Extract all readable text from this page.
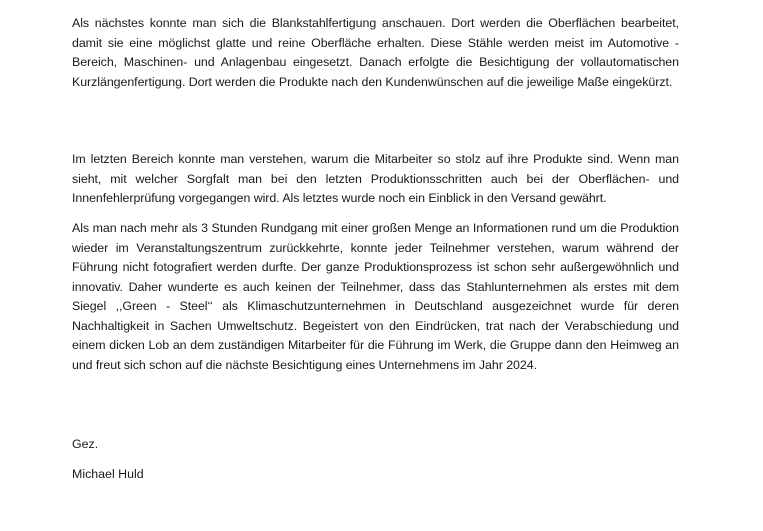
Als nächstes konnte man sich die Blankstahlfertigung anschauen. Dort werden die Oberflächen bearbeitet, damit sie eine möglichst glatte und reine Oberfläche erhalten. Diese Stähle werden meist im Automotive - Bereich, Maschinen- und Anlagenbau eingesetzt. Danach erfolgte die Besichtigung der vollautomatischen Kurzlängenfertigung. Dort werden die Produkte nach den Kundenwünschen auf die jeweilige Maße eingekürzt.

Im letzten Bereich konnte man verstehen, warum die Mitarbeiter so stolz auf ihre Produkte sind. Wenn man sieht, mit welcher Sorgfalt man bei den letzten Produktionsschritten auch bei der Oberflächen- und Innenfehlerprüfung vorgegangen wird. Als letztes wurde noch ein Einblick in den Versand gewährt.

Als man nach mehr als 3 Stunden Rundgang mit einer großen Menge an Informationen rund um die Produktion wieder im Veranstaltungszentrum zurückkehrte, konnte jeder Teilnehmer verstehen, warum während der Führung nicht fotografiert werden durfte. Der ganze Produktionsprozess ist schon sehr außergewöhnlich und innovativ. Daher wunderte es auch keinen der Teilnehmer, dass das Stahlunternehmen als erstes mit dem Siegel ,,Green - Steel‘‘ als Klimaschutzunternehmen in Deutschland ausgezeichnet wurde für deren Nachhaltigkeit in Sachen Umweltschutz. Begeistert von den Eindrücken, trat nach der Verabschiedung und einem dicken Lob an dem zuständigen Mitarbeiter für die Führung im Werk, die Gruppe dann den Heimweg an und freut sich schon auf die nächste Besichtigung eines Unternehmens im Jahr 2024.

Gez.

Michael Huld
